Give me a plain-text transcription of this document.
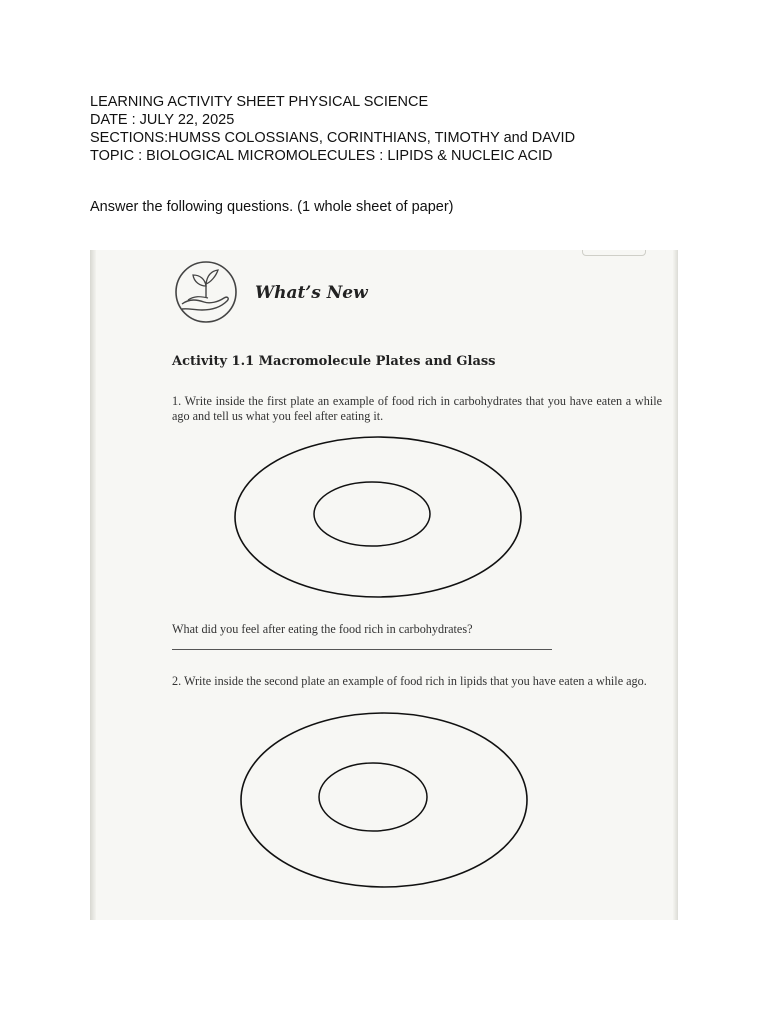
LEARNING ACTIVITY SHEET PHYSICAL SCIENCE
DATE : JULY 22, 2025
SECTIONS:HUMSS COLOSSIANS, CORINTHIANS, TIMOTHY and DAVID
TOPIC : BIOLOGICAL MICROMOLECULES : LIPIDS & NUCLEIC ACID
Answer the following questions. (1 whole sheet of paper)
What’s New
Activity 1.1 Macromolecule Plates and Glass
1. Write inside the first plate an example of food rich in carbohydrates that you have eaten a while ago and tell us what you feel after eating it.
What did you feel after eating the food rich in carbohydrates?
2. Write inside the second plate an example of food rich in lipids that you have eaten a while ago.
